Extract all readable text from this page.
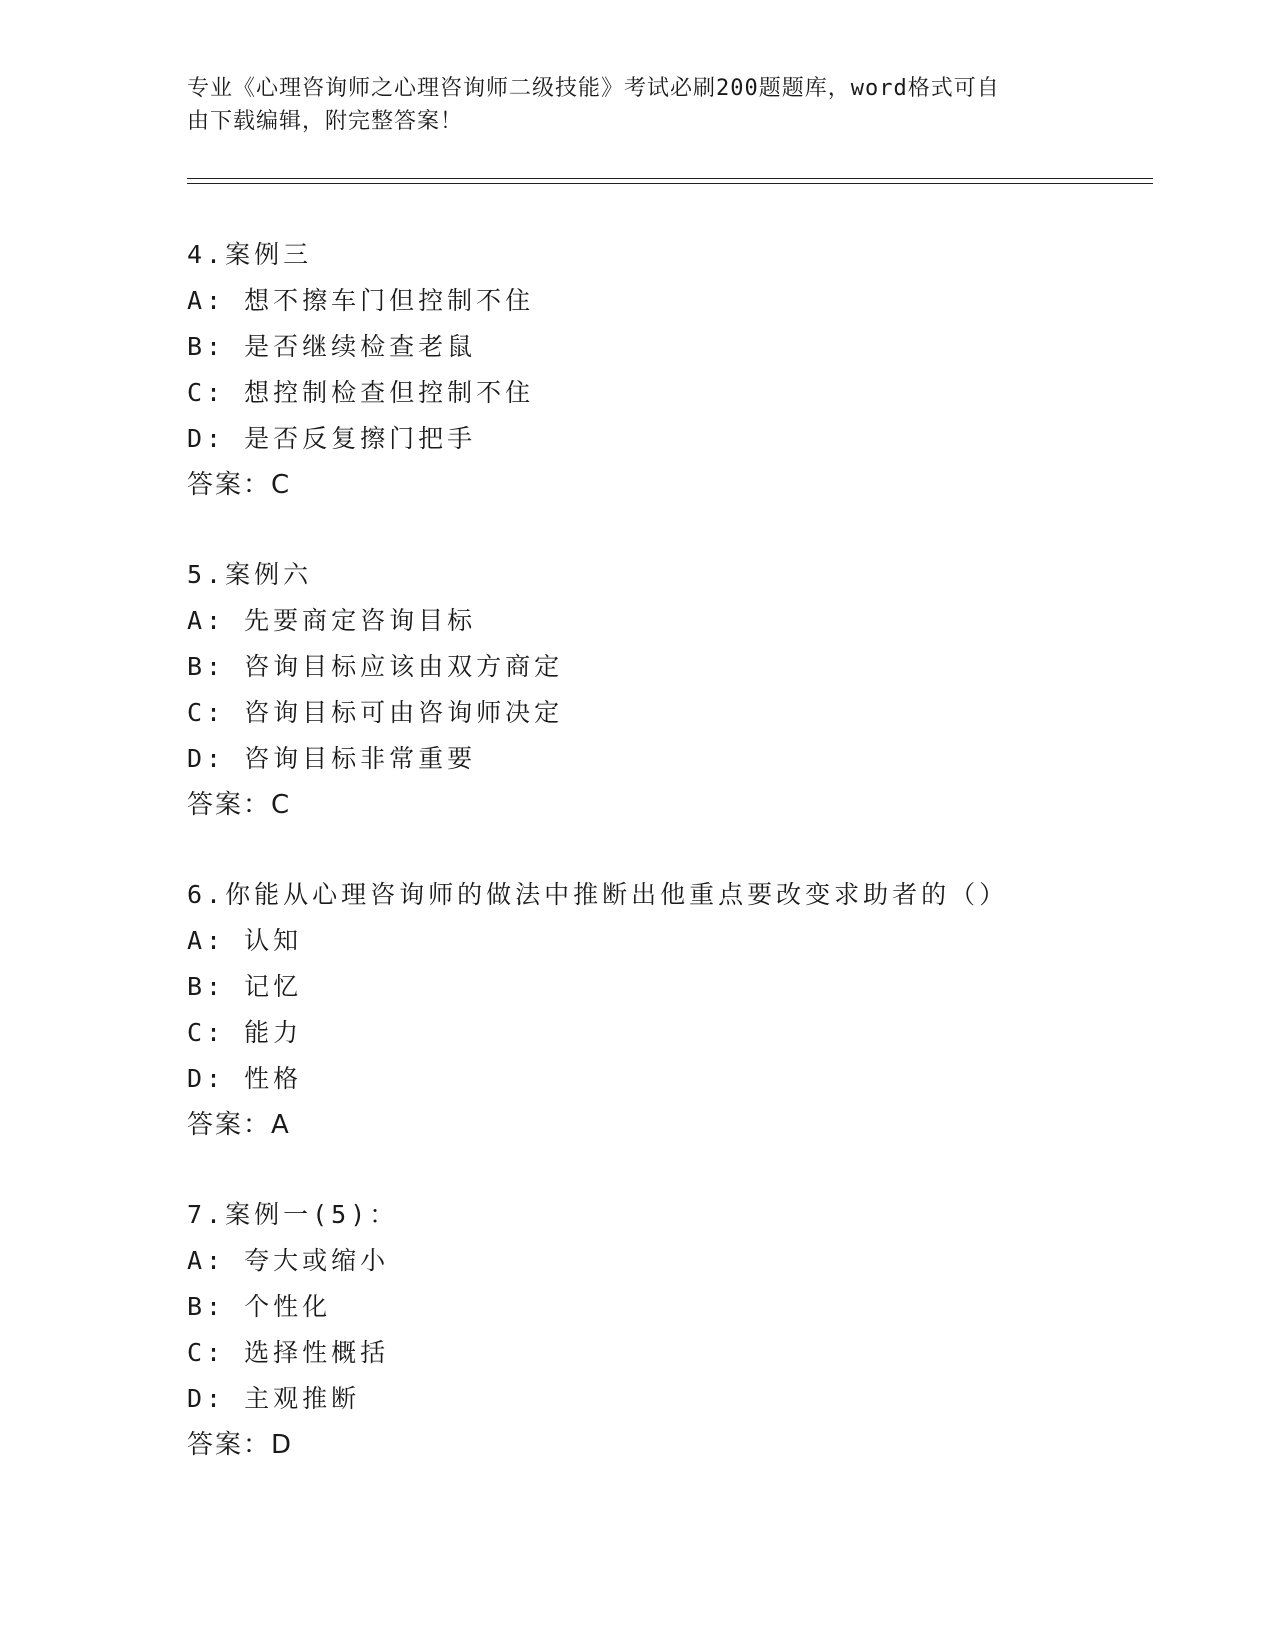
专业《心理咨询师之心理咨询师二级技能》考试必刷200题题库，word格式可自
由下载编辑，附完整答案！
4.案例三
A: 想不擦车门但控制不住
B: 是否继续检查老鼠
C: 想控制检查但控制不住
D: 是否反复擦门把手
答案：C
5.案例六
A: 先要商定咨询目标
B: 咨询目标应该由双方商定
C: 咨询目标可由咨询师决定
D: 咨询目标非常重要
答案：C
6.你能从心理咨询师的做法中推断出他重点要改变求助者的（）
A: 认知
B: 记忆
C: 能力
D: 性格
答案：A
7.案例一(5)：
A: 夸大或缩小
B: 个性化
C: 选择性概括
D: 主观推断
答案：D
